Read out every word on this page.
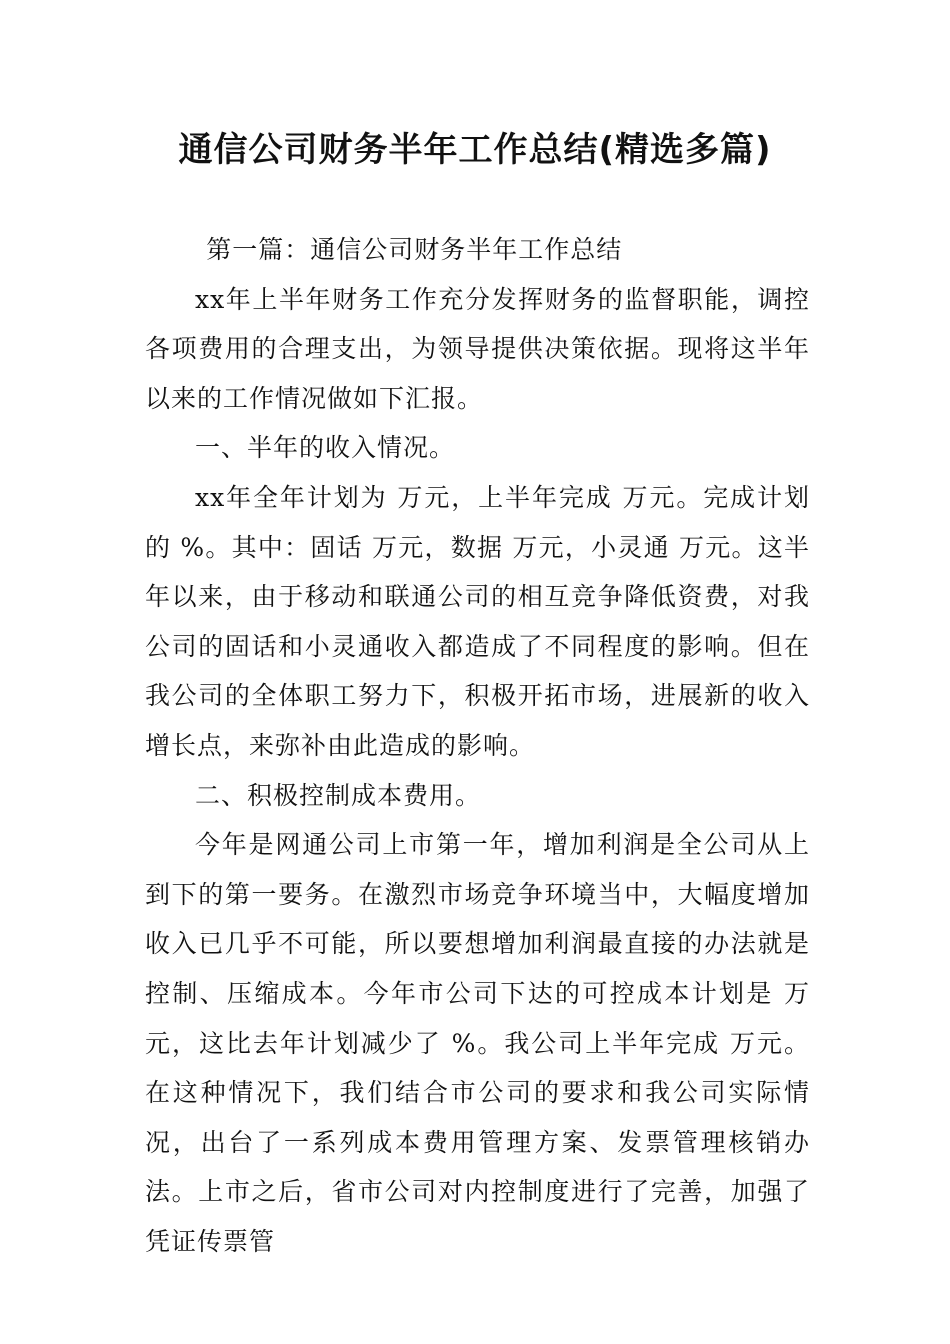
通信公司财务半年工作总结(精选多篇)

第一篇：通信公司财务半年工作总结

xx年上半年财务工作充分发挥财务的监督职能，调控各项费用的合理支出，为领导提供决策依据。现将这半年以来的工作情况做如下汇报。

一、半年的收入情况。

xx年全年计划为 万元，上半年完成 万元。完成计划的 %。其中：固话 万元，数据 万元，小灵通 万元。这半年以来，由于移动和联通公司的相互竞争降低资费，对我公司的固话和小灵通收入都造成了不同程度的影响。但在我公司的全体职工努力下，积极开拓市场，进展新的收入增长点，来弥补由此造成的影响。

二、积极控制成本费用。

今年是网通公司上市第一年，增加利润是全公司从上到下的第一要务。在激烈市场竞争环境当中，大幅度增加收入已几乎不可能，所以要想增加利润最直接的办法就是控制、压缩成本。今年市公司下达的可控成本计划是 万元，这比去年计划减少了 %。我公司上半年完成 万元。在这种情况下，我们结合市公司的要求和我公司实际情况，出台了一系列成本费用管理方案、发票管理核销办法。上市之后，省市公司对内控制度进行了完善，加强了凭证传票管
